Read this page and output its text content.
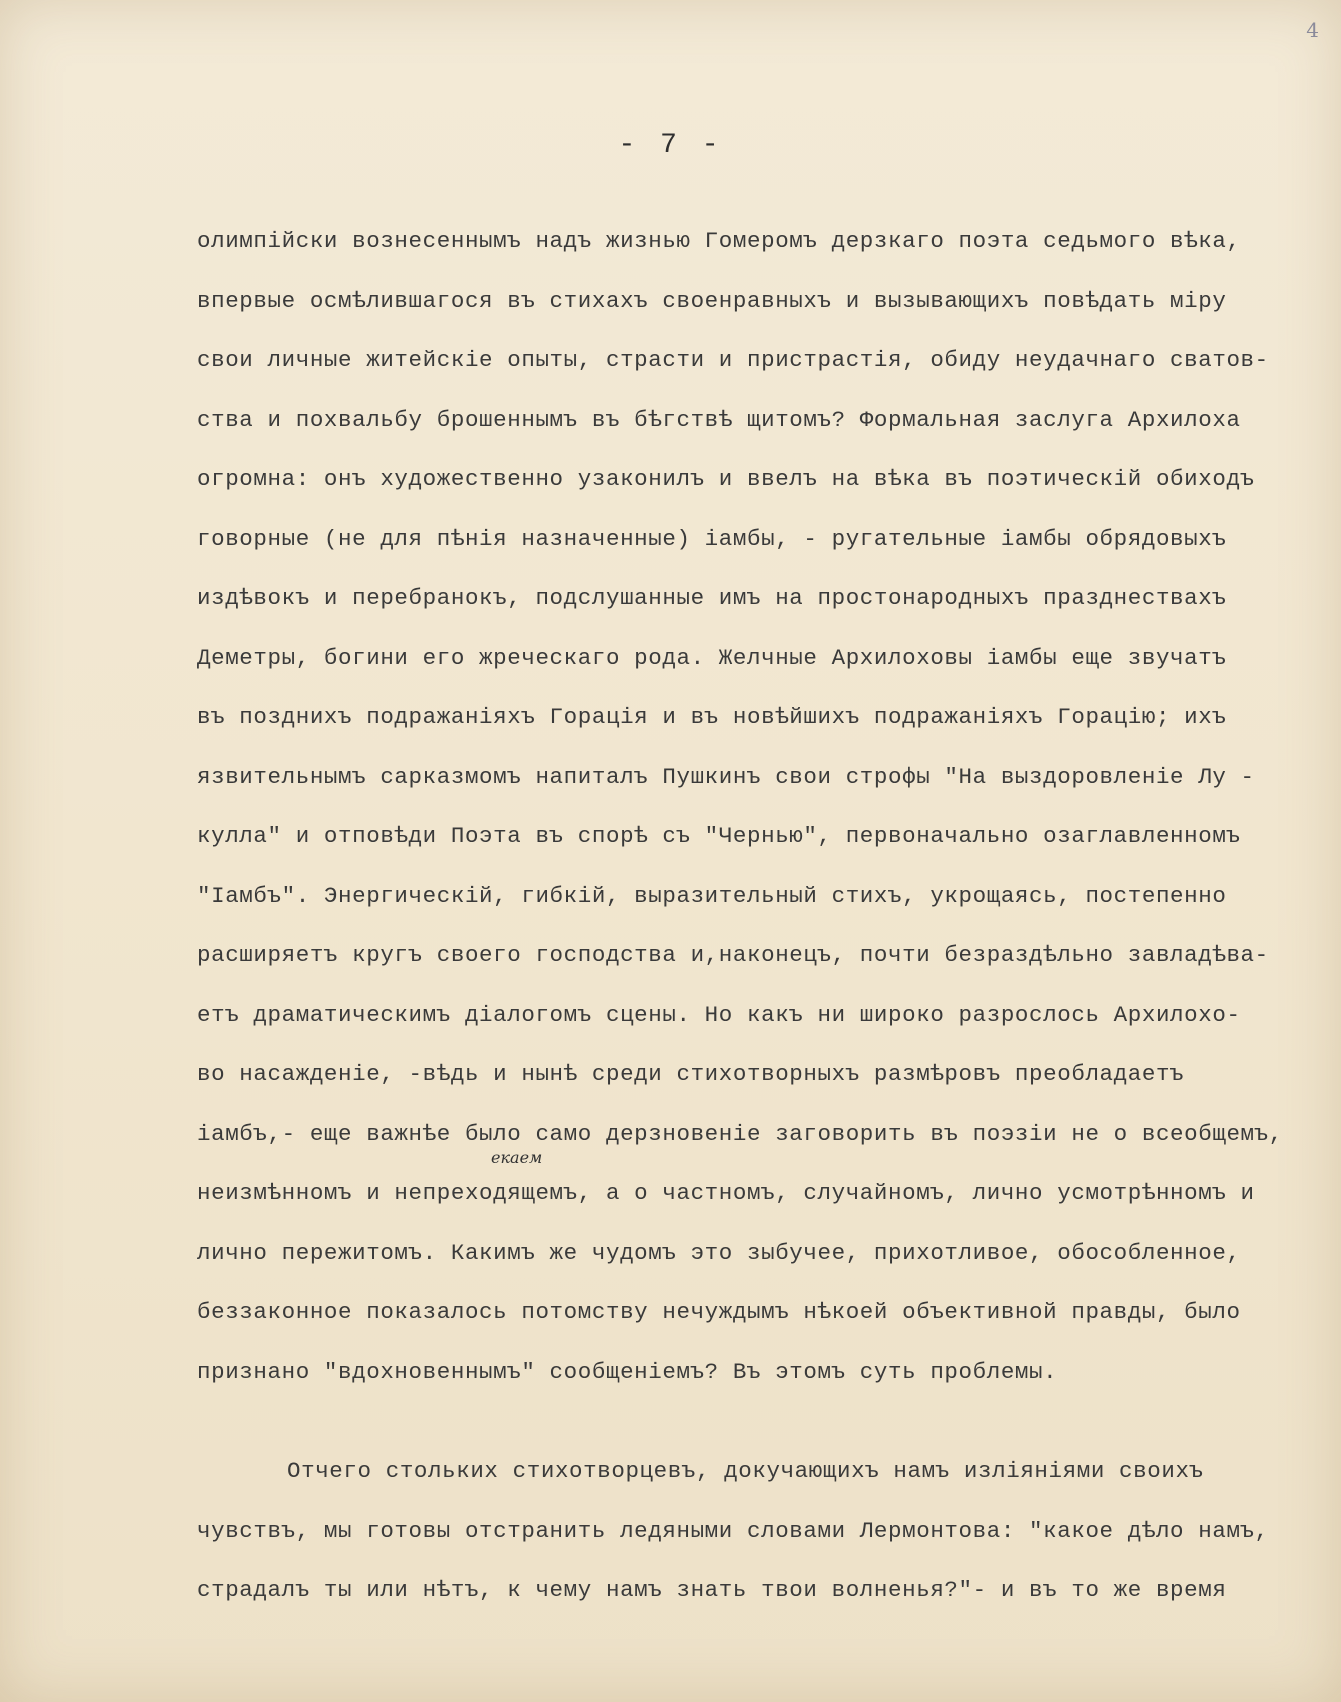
4
- 7 -
екаем
олимпійски вознесеннымъ надъ жизнью Гомеромъ дерзкаго поэта седьмого вѣка,
впервые осмѣлившагося въ стихахъ своенравныхъ и вызывающихъ повѣдать міру
свои личные житейскіе опыты, страсти и пристрастія, обиду неудачнаго сватов-
ства и похвальбу брошеннымъ въ бѣгствѣ щитомъ? Формальная заслуга Архилоха
огромна: онъ художественно узаконилъ и ввелъ на вѣка въ поэтическій обиходъ
говорные (не для пѣнія назначенные) іамбы, - ругательные іамбы обрядовыхъ
издѣвокъ и перебранокъ, подслушанные имъ на простонародныхъ празднествахъ
Деметры, богини его жреческаго рода. Желчные Архилоховы іамбы еще звучатъ
въ позднихъ подражаніяхъ Горація и въ новѣйшихъ подражаніяхъ Горацію; ихъ
язвительнымъ сарказмомъ напиталъ Пушкинъ свои строфы "На выздоровленіе Лу -
кулла" и отповѣди Поэта въ спорѣ съ "Чернью", первоначально озаглавленномъ
"Іамбъ". Энергическій, гибкій, выразительный стихъ, укрощаясь, постепенно
расширяетъ кругъ своего господства и,наконецъ, почти безраздѣльно завладѣва-
етъ драматическимъ діалогомъ сцены. Но какъ ни широко разрослось Архилохо-
во насажденіе, -вѣдь и нынѣ среди стихотворныхъ размѣровъ преобладаетъ
іамбъ,- еще важнѣе было само дерзновеніе заговорить въ поэзіи не о всеобщемъ,
неизмѣнномъ и непреходящемъ, а о частномъ, случайномъ, лично усмотрѣнномъ и
лично пережитомъ. Какимъ же чудомъ это зыбучее, прихотливое, обособленное,
беззаконное показалось потомству нечуждымъ нѣкоей объективной правды, было
признано "вдохновеннымъ" сообщеніемъ? Въ этомъ суть проблемы.
Отчего стольких стихотворцевъ, докучающихъ намъ изліяніями своихъ
чувствъ, мы готовы отстранить ледяными словами Лермонтова: "какое дѣло намъ,
страдалъ ты или нѣтъ, к чему намъ знать твои волненья?"- и въ то же время
